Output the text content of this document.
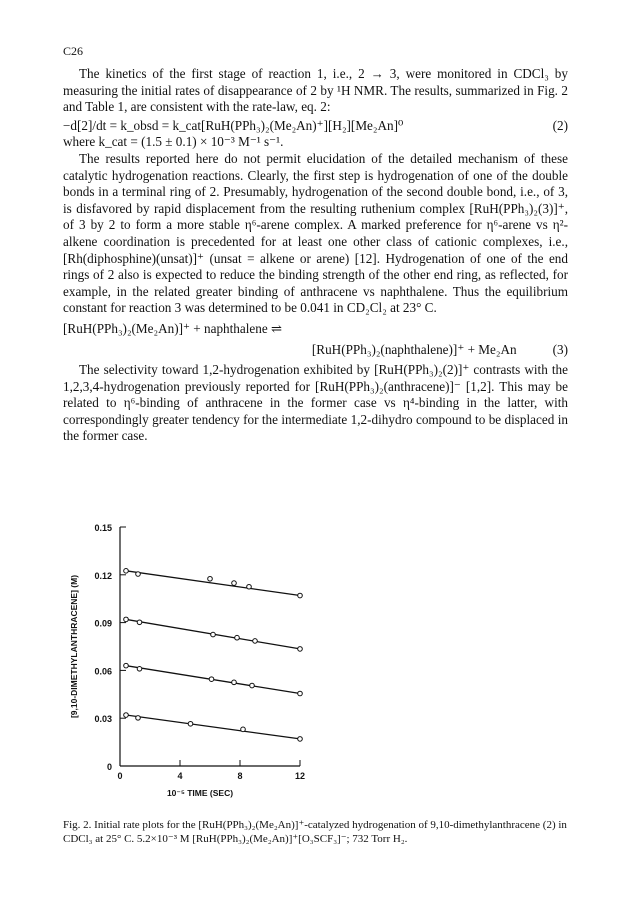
C26

The kinetics of the first stage of reaction 1, i.e., 2 → 3, were monitored in CDCl₃ by measuring the initial rates of disappearance of 2 by ¹H NMR. The results, summarized in Fig. 2 and Table 1, are consistent with the rate-law, eq. 2:

−d[2]/dt = k_obsd = k_cat[RuH(PPh₃)₂(Me₂An)⁺][H₂][Me₂An]⁰	(2)

where k_cat = (1.5 ± 0.1) × 10⁻³ M⁻¹ s⁻¹.

The results reported here do not permit elucidation of the detailed mechanism of these catalytic hydrogenation reactions. Clearly, the first step is hydrogenation of one of the double bonds in a terminal ring of 2. Presumably, hydrogenation of the second double bond, i.e., of 3, is disfavored by rapid displacement from the resulting ruthenium complex [RuH(PPh₃)₂(3)]⁺, of 3 by 2 to form a more stable η⁶-arene complex. A marked preference for η⁶-arene vs η²-alkene coordination is precedented for at least one other class of cationic complexes, i.e., [Rh(diphosphine)(unsat)]⁺ (unsat = alkene or arene) [12]. Hydrogenation of one of the end rings of 2 also is expected to reduce the binding strength of the other end ring, as reflected, for example, in the related greater binding of anthracene vs naphthalene. Thus the equilibrium constant for reaction 3 was determined to be 0.041 in CD₂Cl₂ at 23° C.

[RuH(PPh₃)₂(Me₂An)]⁺ + naphthalene ⇌
[RuH(PPh₃)₂(naphthalene)]⁺ + Me₂An	(3)

The selectivity toward 1,2-hydrogenation exhibited by [RuH(PPh₃)₂(2)]⁺ contrasts with the 1,2,3,4-hydrogenation previously reported for [RuH(PPh₃)₂(anthracene)]⁻ [1,2]. This may be related to η⁶-binding of anthracene in the former case vs η⁴-binding in the latter, with correspondingly greater tendency for the intermediate 1,2-dihydro compound to be displaced in the former case.

0
0.03
0.06
0.09
0.12
0.15
0	4	8	12
10⁻⁵ TIME (SEC)
[9,10-DIMETHYLANTHRACENE] (M)
Fig. 2. Initial rate plots for the [RuH(PPh₃)₂(Me₂An)]⁺-catalyzed hydrogenation of 9,10-dimethylanthracene (2) in CDCl₃ at 25° C. 5.2×10⁻³ M [RuH(PPh₃)₂(Me₂An)]⁺[O₃SCF₃]⁻; 732 Torr H₂.
